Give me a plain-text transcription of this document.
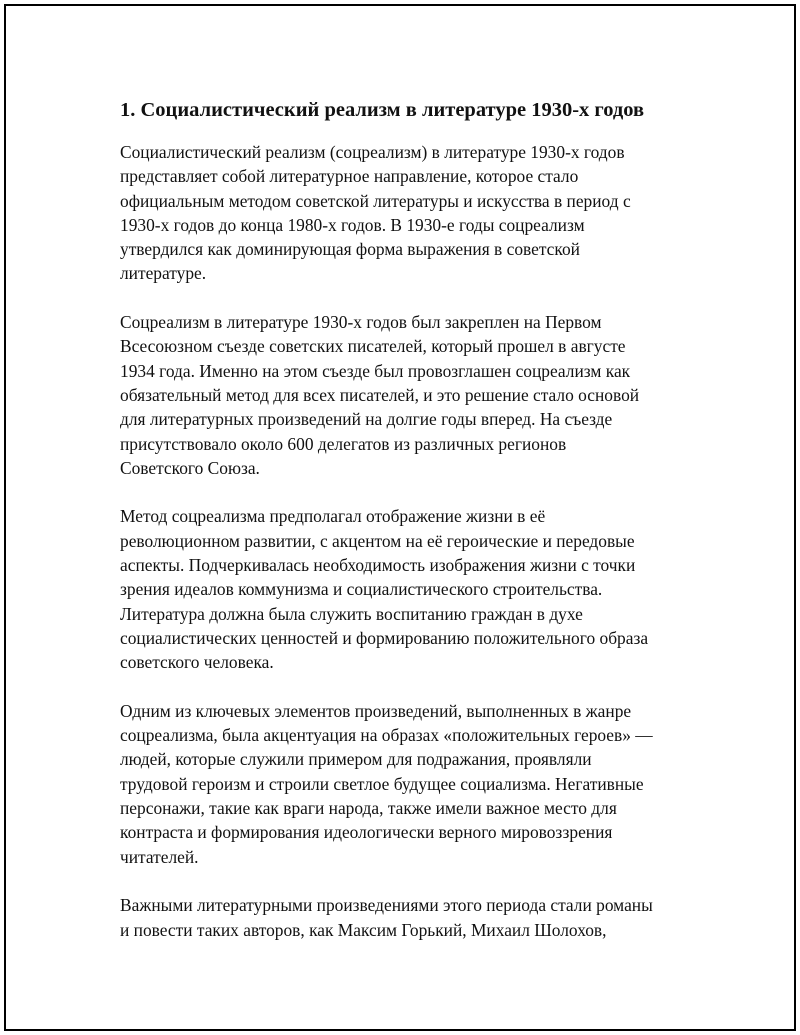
1. Социалистический реализм в литературе 1930-х годов

Социалистический реализм (соцреализм) в литературе 1930-х годов
представляет собой литературное направление, которое стало
официальным методом советской литературы и искусства в период с
1930-х годов до конца 1980-х годов. В 1930-е годы соцреализм
утвердился как доминирующая форма выражения в советской
литературе.

Соцреализм в литературе 1930-х годов был закреплен на Первом
Всесоюзном съезде советских писателей, который прошел в августе
1934 года. Именно на этом съезде был провозглашен соцреализм как
обязательный метод для всех писателей, и это решение стало основой
для литературных произведений на долгие годы вперед. На съезде
присутствовало около 600 делегатов из различных регионов
Советского Союза.

Метод соцреализма предполагал отображение жизни в её
революционном развитии, с акцентом на её героические и передовые
аспекты. Подчеркивалась необходимость изображения жизни с точки
зрения идеалов коммунизма и социалистического строительства.
Литература должна была служить воспитанию граждан в духе
социалистических ценностей и формированию положительного образа
советского человека.

Одним из ключевых элементов произведений, выполненных в жанре
соцреализма, была акцентуация на образах «положительных героев» —
людей, которые служили примером для подражания, проявляли
трудовой героизм и строили светлое будущее социализма. Негативные
персонажи, такие как враги народа, также имели важное место для
контраста и формирования идеологически верного мировоззрения
читателей.

Важными литературными произведениями этого периода стали романы
и повести таких авторов, как Максим Горький, Михаил Шолохов,
